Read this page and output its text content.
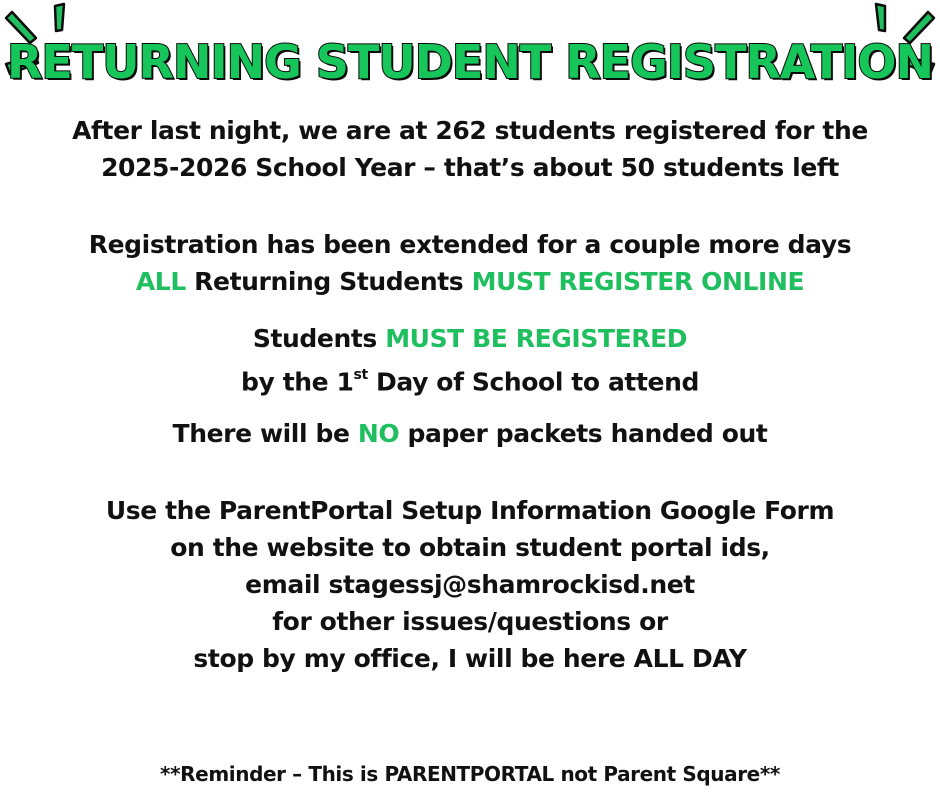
RETURNING STUDENT REGISTRATION
After last night, we are at 262 students registered for the
2025-2026 School Year – that’s about 50 students left
Registration has been extended for a couple more days
ALL Returning Students MUST REGISTER ONLINE
Students MUST BE REGISTERED
by the 1st Day of School to attend
There will be NO paper packets handed out
Use the ParentPortal Setup Information Google Form
on the website to obtain student portal ids,
email stagessj@shamrockisd.net
for other issues/questions or
stop by my office, I will be here ALL DAY
**Reminder – This is PARENTPORTAL not Parent Square**
